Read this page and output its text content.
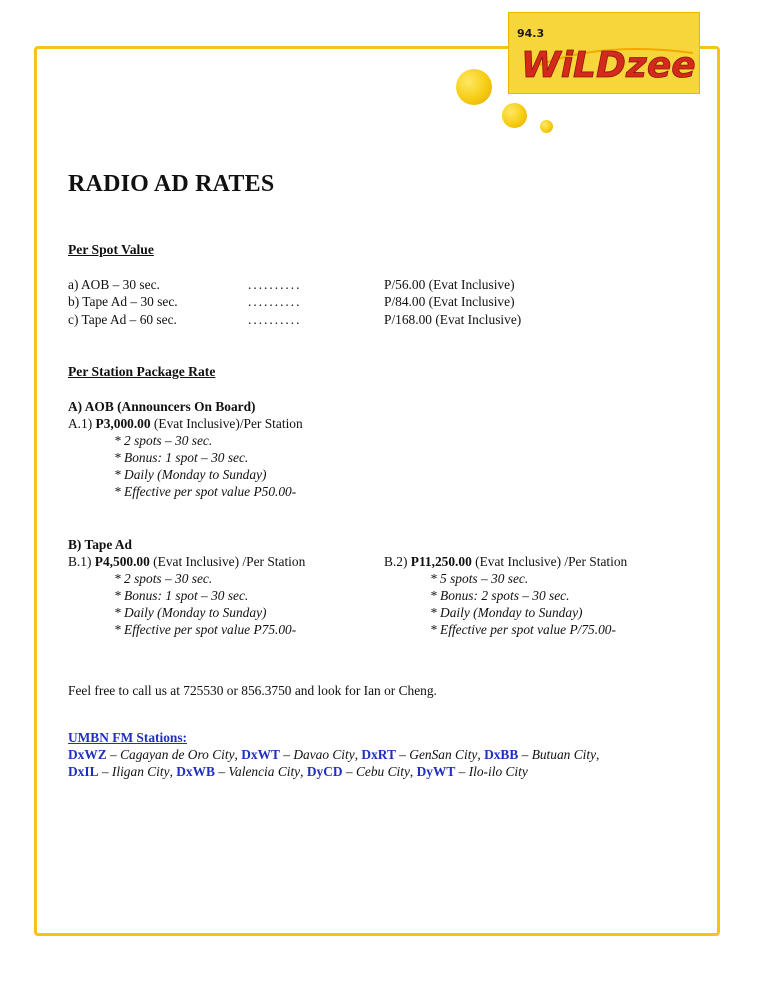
94.3
WiLDzee
RADIO AD RATES
Per Spot Value
a) AOB – 30 sec.	..........	P/56.00 (Evat Inclusive)
b) Tape Ad – 30 sec.	..........	P/84.00 (Evat Inclusive)
c) Tape Ad – 60 sec.	..........	P/168.00 (Evat Inclusive)
Per Station Package Rate
A) AOB (Announcers On Board)
A.1) P3,000.00 (Evat Inclusive)/Per Station
* 2 spots – 30 sec.
* Bonus: 1 spot – 30 sec.
* Daily (Monday to Sunday)
* Effective per spot value P50.00-
B) Tape Ad
B.1) P4,500.00 (Evat Inclusive) /Per Station
* 2 spots – 30 sec.
* Bonus: 1 spot – 30 sec.
* Daily (Monday to Sunday)
* Effective per spot value P75.00-
B.2) P11,250.00 (Evat Inclusive) /Per Station
* 5 spots – 30 sec.
* Bonus: 2 spots – 30 sec.
* Daily (Monday to Sunday)
* Effective per spot value P/75.00-
Feel free to call us at 725530 or 856.3750 and look for Ian or Cheng.
UMBN FM Stations:
DxWZ – Cagayan de Oro City, DxWT – Davao City, DxRT – GenSan City, DxBB – Butuan City,
DxIL – Iligan City, DxWB – Valencia City, DyCD – Cebu City, DyWT – Ilo-ilo City
